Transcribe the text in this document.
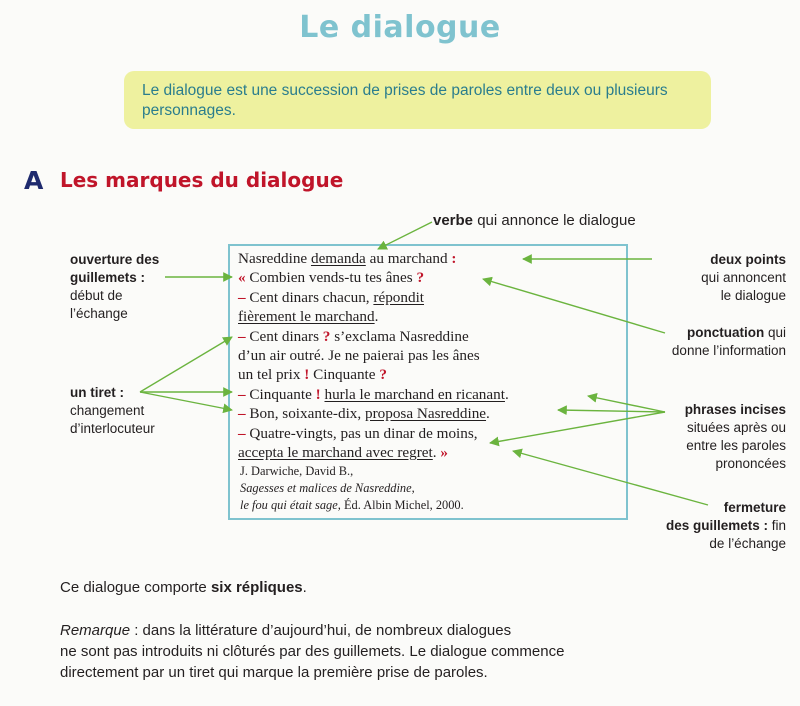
Le dialogue
Le dialogue est une succession de prises de paroles entre deux ou plusieurs personnages.
A Les marques du dialogue
verbe qui annonce le dialogue
Nasreddine demanda au marchand :
« Combien vends-tu tes ânes ?
– Cent dinars chacun, répondit
fièrement le marchand.
– Cent dinars ? s’exclama Nasreddine
d’un air outré. Je ne paierai pas les ânes
un tel prix ! Cinquante ?
– Cinquante ! hurla le marchand en ricanant.
– Bon, soixante-dix, proposa Nasreddine.
– Quatre-vingts, pas un dinar de moins,
accepta le marchand avec regret. »
J. Darwiche, David B.,
Sagesses et malices de Nasreddine,
le fou qui était sage, Éd. Albin Michel, 2000.
ouverture des
guillemets :
début de
l’échange
un tiret :
changement
d’interlocuteur
deux points
qui annoncent
le dialogue
ponctuation qui
donne l’information
phrases incises
situées après ou
entre les paroles
prononcées
fermeture
des guillemets : fin
de l’échange
Ce dialogue comporte six répliques.
Remarque : dans la littérature d’aujourd’hui, de nombreux dialogues
ne sont pas introduits ni clôturés par des guillemets. Le dialogue commence
directement par un tiret qui marque la première prise de paroles.
